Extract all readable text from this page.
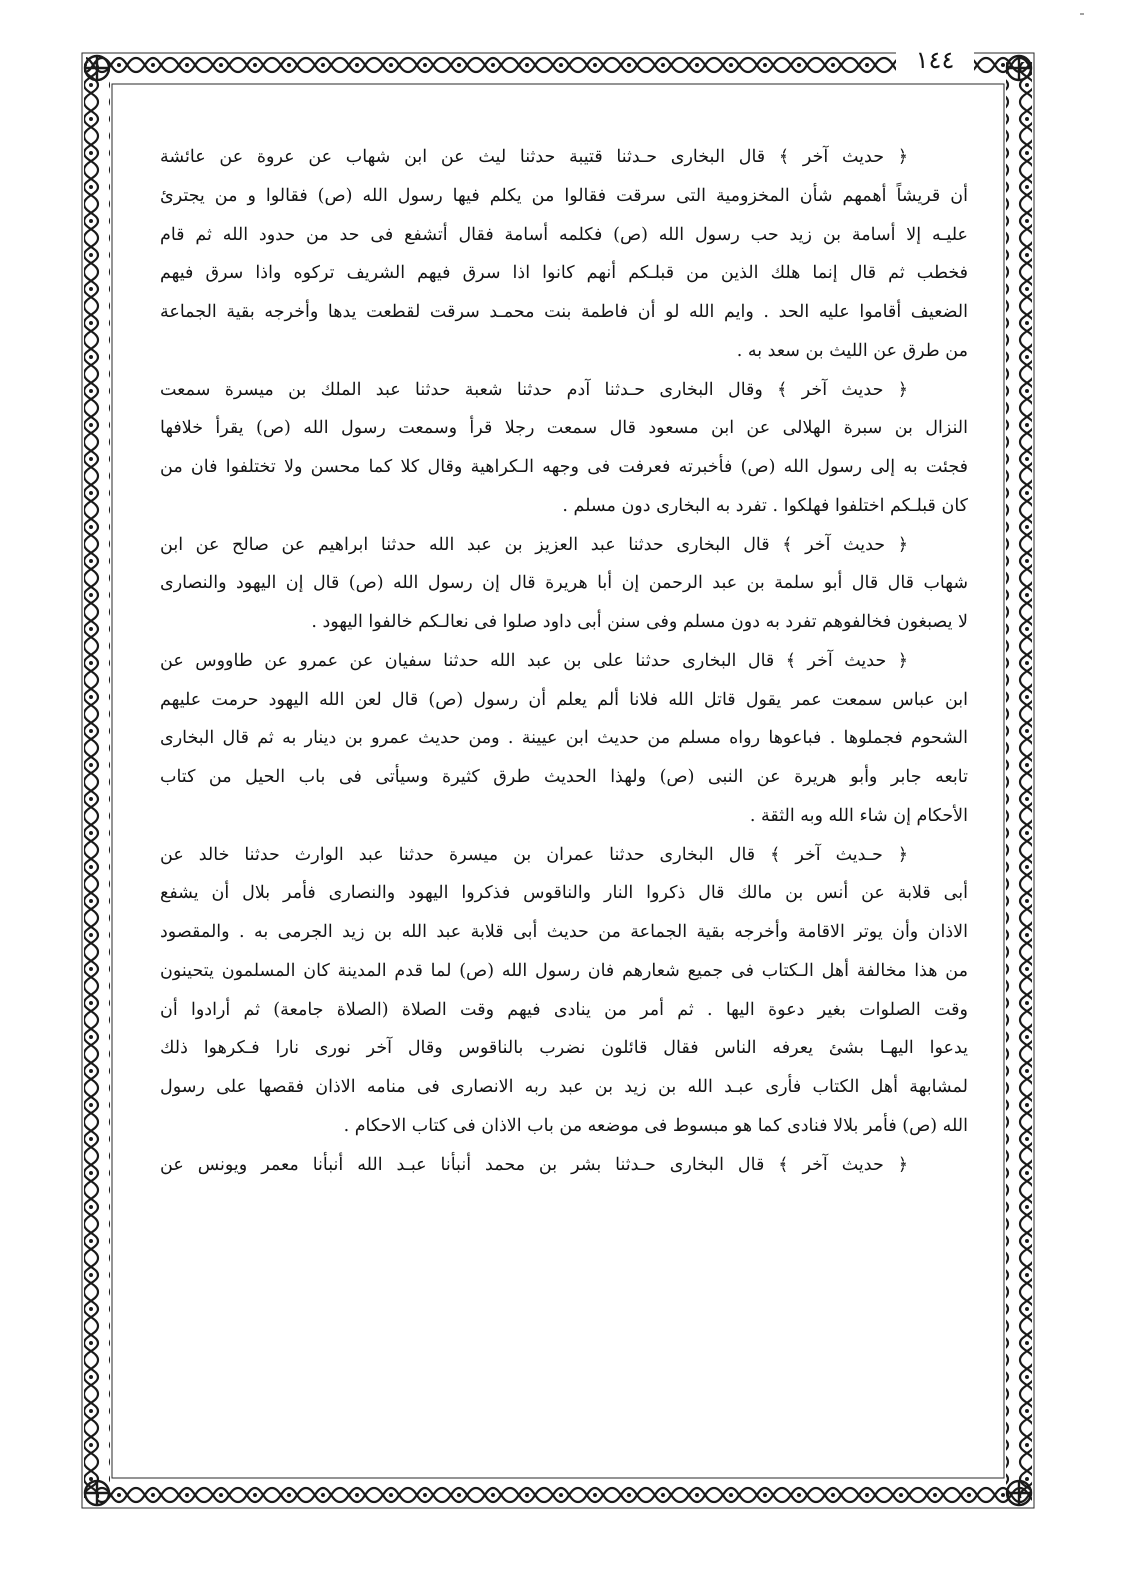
١٤٤
﴿ حديث آخر ﴾ قال البخارى حـدثنا قتيبة حدثنا ليث عن ابن شهاب عن عروة عن عائشة
أن قريشاً أهمهم شأن المخزومية التى سرقت فقالوا من يكلم فيها رسول الله (ص) فقالوا و من يجترئ
عليـه إلا أسامة بن زيد حب رسول الله (ص) فكلمه أسامة فقال أتشفع فى حد من حدود الله ثم قام
فخطب ثم قال إنما هلك الذين من قبلـكم أنهم كانوا اذا سرق فيهم الشريف تركوه واذا سرق فيهم
الضعيف أقاموا عليه الحد . وايم الله لو أن فاطمة بنت محمـد سرقت لقطعت يدها وأخرجه بقية الجماعة
من طرق عن الليث بن سعد به .
﴿ حديث آخر ﴾ وقال البخارى حـدثنا آدم حدثنا شعبة حدثنا عبد الملك بن ميسرة سمعت
النزال بن سبرة الهلالى عن ابن مسعود قال سمعت رجلا قرأ وسمعت رسول الله (ص) يقرأ خلافها
فجئت به إلى رسول الله (ص) فأخبرته فعرفت فى وجهه الـكراهية وقال كلا كما محسن ولا تختلفوا فان من
كان قبلـكم اختلفوا فهلكوا . تفرد به البخارى دون مسلم .
﴿ حديث آخر ﴾ قال البخارى حدثنا عبد العزيز بن عبد الله حدثنا ابراهيم عن صالح عن ابن
شهاب قال قال أبو سلمة بن عبد الرحمن إن أبا هريرة قال إن رسول الله (ص) قال إن اليهود والنصارى
لا يصبغون فخالفوهم تفرد به دون مسلم وفى سنن أبى داود صلوا فى نعالـكم خالفوا اليهود .
﴿ حديث آخر ﴾ قال البخارى حدثنا على بن عبد الله حدثنا سفيان عن عمرو عن طاووس عن
ابن عباس سمعت عمر يقول قاتل الله فلانا ألم يعلم أن رسول (ص) قال لعن الله اليهود حرمت عليهم
الشحوم فجملوها . فباعوها رواه مسلم من حديث ابن عيينة . ومن حديث عمرو بن دينار به ثم قال البخارى
تابعه جابر وأبو هريرة عن النبى (ص) ولهذا الحديث طرق كثيرة وسيأتى فى باب الحيل من كتاب
الأحكام إن شاء الله وبه الثقة .
﴿ حـديث آخر ﴾ قال البخارى حدثنا عمران بن ميسرة حدثنا عبد الوارث حدثنا خالد عن
أبى قلابة عن أنس بن مالك قال ذكروا النار والناقوس فذكروا اليهود والنصارى فأمر بلال أن يشفع
الاذان وأن يوتر الاقامة وأخرجه بقية الجماعة من حديث أبى قلابة عبد الله بن زيد الجرمى به . والمقصود
من هذا مخالفة أهل الـكتاب فى جميع شعارهم فان رسول الله (ص) لما قدم المدينة كان المسلمون يتحينون
وقت الصلوات بغير دعوة اليها . ثم أمر من ينادى فيهم وقت الصلاة (الصلاة جامعة) ثم أرادوا أن
يدعوا اليهـا بشئ يعرفه الناس فقال قائلون نضرب بالناقوس وقال آخر نورى نارا فـكرهوا ذلك
لمشابهة أهل الكتاب فأرى عبـد الله بن زيد بن عبد ربه الانصارى فى منامه الاذان فقصها على رسول
الله (ص) فأمر بلالا فنادى كما هو مبسوط فى موضعه من باب الاذان فى كتاب الاحكام .
﴿ حديث آخر ﴾ قال البخارى حـدثنا بشر بن محمد أنبأنا عبـد الله أنبأنا معمر ويونس عن
